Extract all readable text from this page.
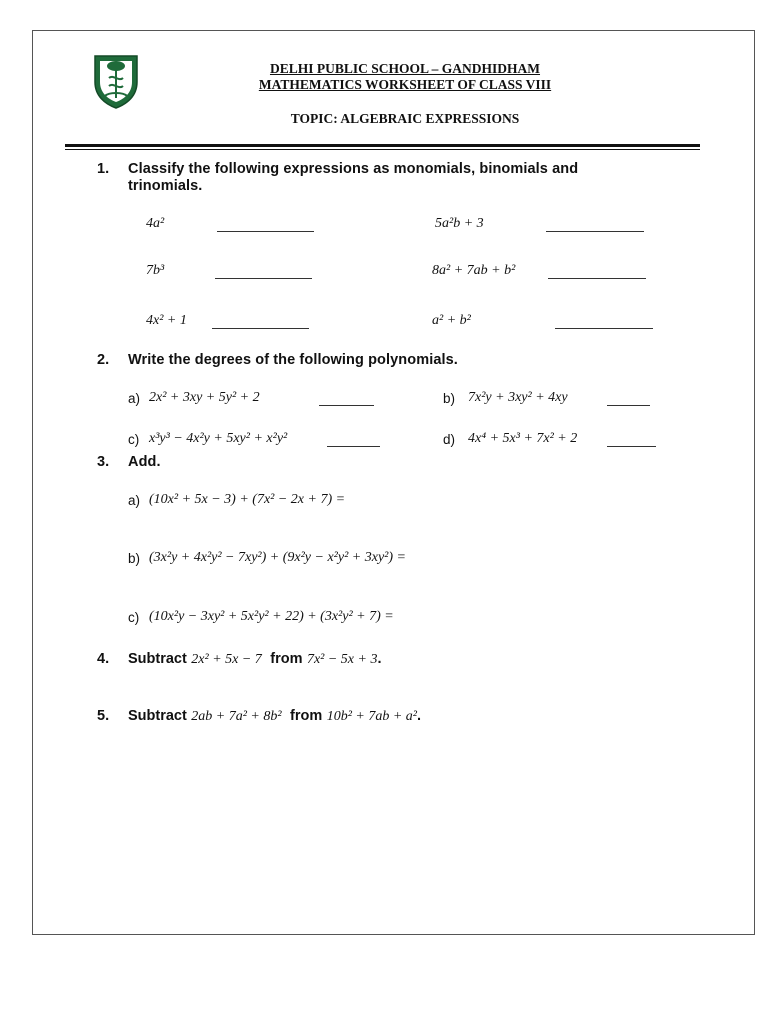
DELHI PUBLIC SCHOOL – GANDHIDHAM
MATHEMATICS WORKSHEET OF CLASS VIII
TOPIC: ALGEBRAIC EXPRESSIONS
1. Classify the following expressions as monomials, binomials and
trinomials.
4a²	5a²b + 3
7b³	8a² + 7ab + b²
4x² + 1	a² + b²
2. Write the degrees of the following polynomials.
a) 2x² + 3xy + 5y² + 2	b) 7x²y + 3xy² + 4xy
c) x³y³ − 4x²y + 5xy² + x²y²	d) 4x⁴ + 5x³ + 7x² + 2
3. Add.
a) (10x² + 5x − 3) + (7x² − 2x + 7) =
b) (3x²y + 4x²y² − 7xy²) + (9x²y − x²y² + 3xy²) =
c) (10x²y − 3xy² + 5x²y² + 22) + (3x²y² + 7) =
4. Subtract 2x² + 5x − 7 from 7x² − 5x + 3.
5. Subtract 2ab + 7a² + 8b² from 10b² + 7ab + a².
